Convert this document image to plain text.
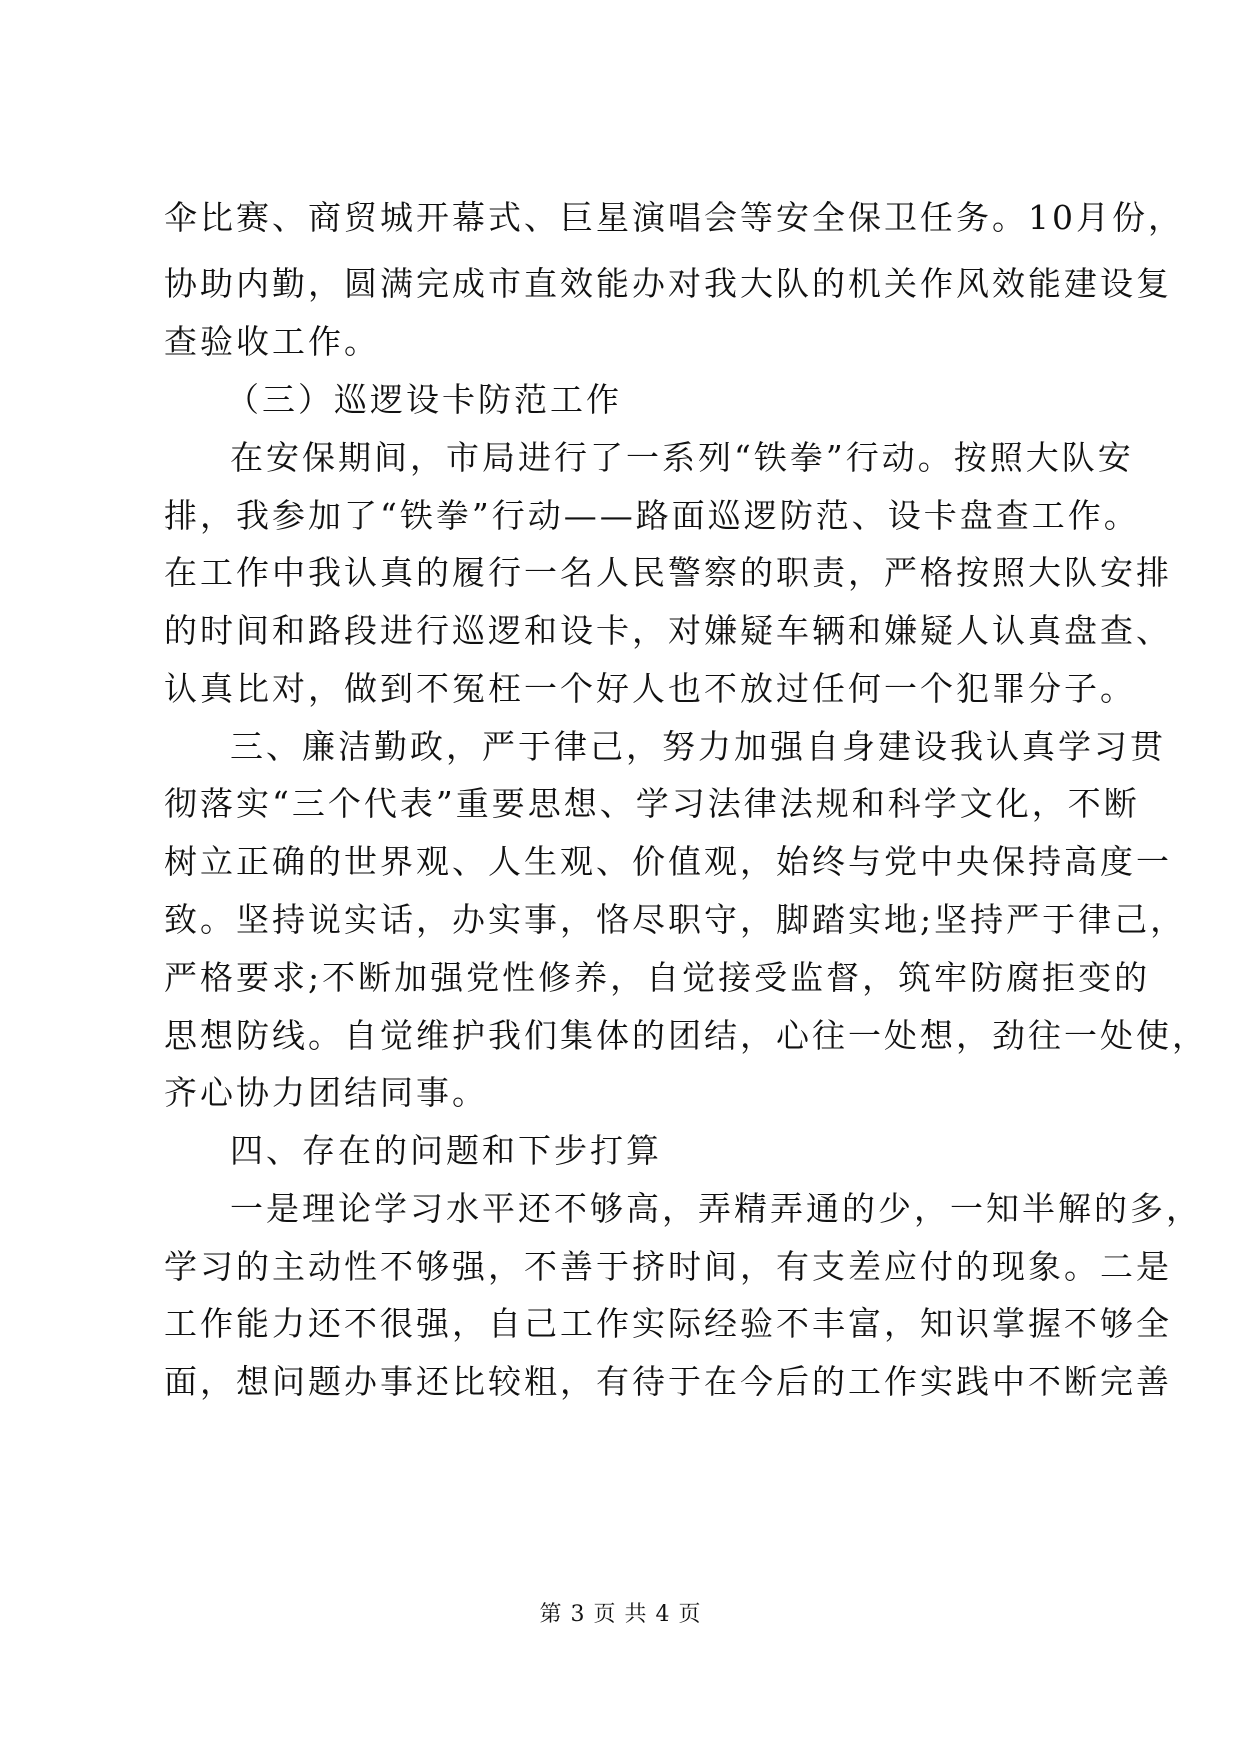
伞比赛、商贸城开幕式、巨星演唱会等安全保卫任务。10月份，
协助内勤，圆满完成市直效能办对我大队的机关作风效能建设复
查验收工作。
（三）巡逻设卡防范工作
在安保期间，市局进行了一系列“铁拳”行动。按照大队安
排，我参加了“铁拳”行动——路面巡逻防范、设卡盘查工作。
在工作中我认真的履行一名人民警察的职责，严格按照大队安排
的时间和路段进行巡逻和设卡，对嫌疑车辆和嫌疑人认真盘查、
认真比对，做到不冤枉一个好人也不放过任何一个犯罪分子。
三、廉洁勤政，严于律己，努力加强自身建设我认真学习贯
彻落实“三个代表”重要思想、学习法律法规和科学文化，不断
树立正确的世界观、人生观、价值观，始终与党中央保持高度一
致。坚持说实话，办实事，恪尽职守，脚踏实地;坚持严于律己，
严格要求;不断加强党性修养，自觉接受监督，筑牢防腐拒变的
思想防线。自觉维护我们集体的团结，心往一处想，劲往一处使，
齐心协力团结同事。
四、存在的问题和下步打算
一是理论学习水平还不够高，弄精弄通的少，一知半解的多，
学习的主动性不够强，不善于挤时间，有支差应付的现象。二是
工作能力还不很强，自己工作实际经验不丰富，知识掌握不够全
面，想问题办事还比较粗，有待于在今后的工作实践中不断完善
第 3 页 共 4 页
